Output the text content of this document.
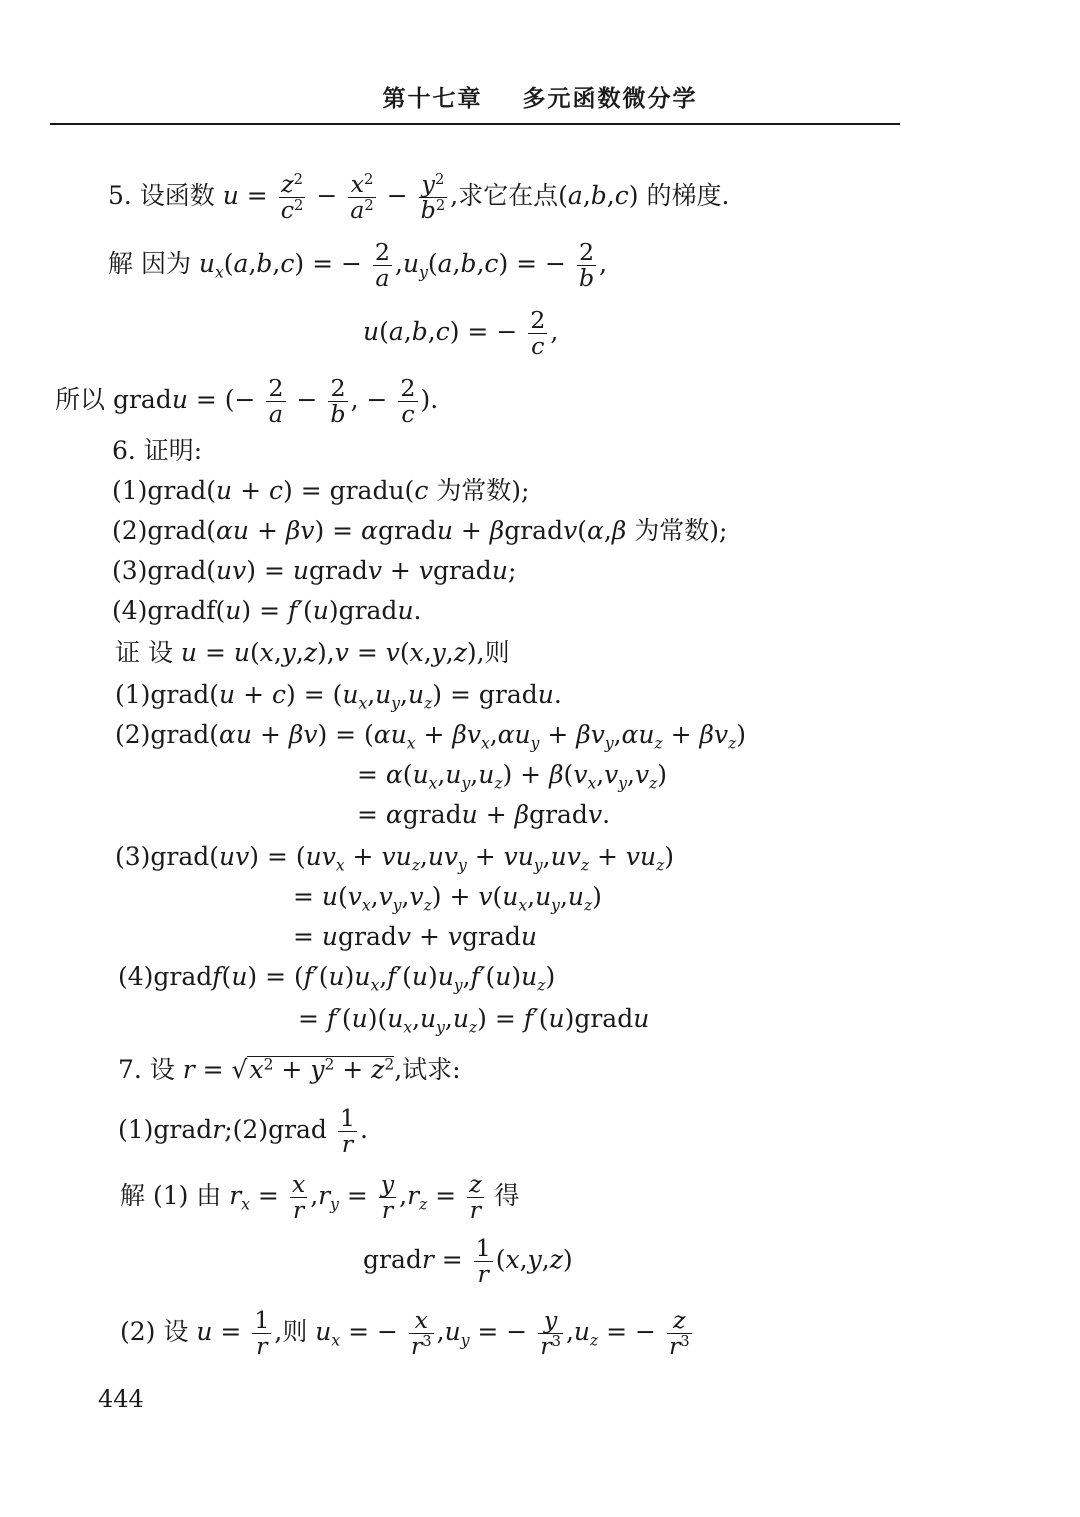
第十七章 多元函数微分学
5. 设函数 $u = \frac{z^2}{c^2} - \frac{x^2}{a^2} - \frac{y^2}{b^2}$ ,求它在点(a,b,c) 的梯度.
解 因为 $u_x(a,b,c)$ = − $\frac{2}{a} ,u_y(a,b,c)$ = − $\frac{2}{b}$ ,
u(a,b,c) = − $\frac{2}{c}$ ,
所以 gradu = (− $\frac{2}{a} - \frac{2}{b}$ , − $\frac{2}{c}$ ).
6. 证明:
(1)grad(u + c) = gradu(c 为常数);
(2)grad(αu + βv) = αgradu + βgradv(α,β 为常数);
(3)grad(uv) = ugradv + vgradu;
(4)gradf(u) = f′(u)gradu.
证 设 u = u(x,y,z),v = v(x,y,z),则
(1)grad(u + $c) = (u_x,u_y,u_z)$ = gradu.
(2)grad(αu + $\beta v) = (\alpha u_x + \beta v_x,\alpha u_y + \beta v_y,\alpha u_z + \beta v_z)$
= $\alpha(u_x,u_y,u_z) + \beta(v_x,v_y,v_z)$
= αgradu + βgradv.
(3)grad(uv) = $(uv_x + vu_z,uv_y + vu_y,uv_z + vu_z)$
= $u(v_x,v_y,v_z) + v(u_x,u_y,u_z)$
= ugradv + vgradu
(4)gradf(u) = $(f'(u)u_x,f'(u)u_y,f'(u)u_z)$
= $f'(u)(u_x,u_y,u_z)$ = f′(u)gradu
7. 设 $r = √x^2 + y^2 + z^2$,试求:
(1)gradr;(2)grad $\frac{1}{r}$ .
解 (1) 由 $r_x = \frac{x}{r} ,r_y = \frac{y}{r} ,r_z = \frac{z}{r}$ 得
gradr = $\frac{1}{r} (x,y,z)$
(2) 设 $u = \frac{1}{r}$ ,则 $u_x$ = − $\frac{x}{r^3} ,u_y$ = − $\frac{y}{r^3} ,u_z$ = − $\frac{z}{r^3}$
444
